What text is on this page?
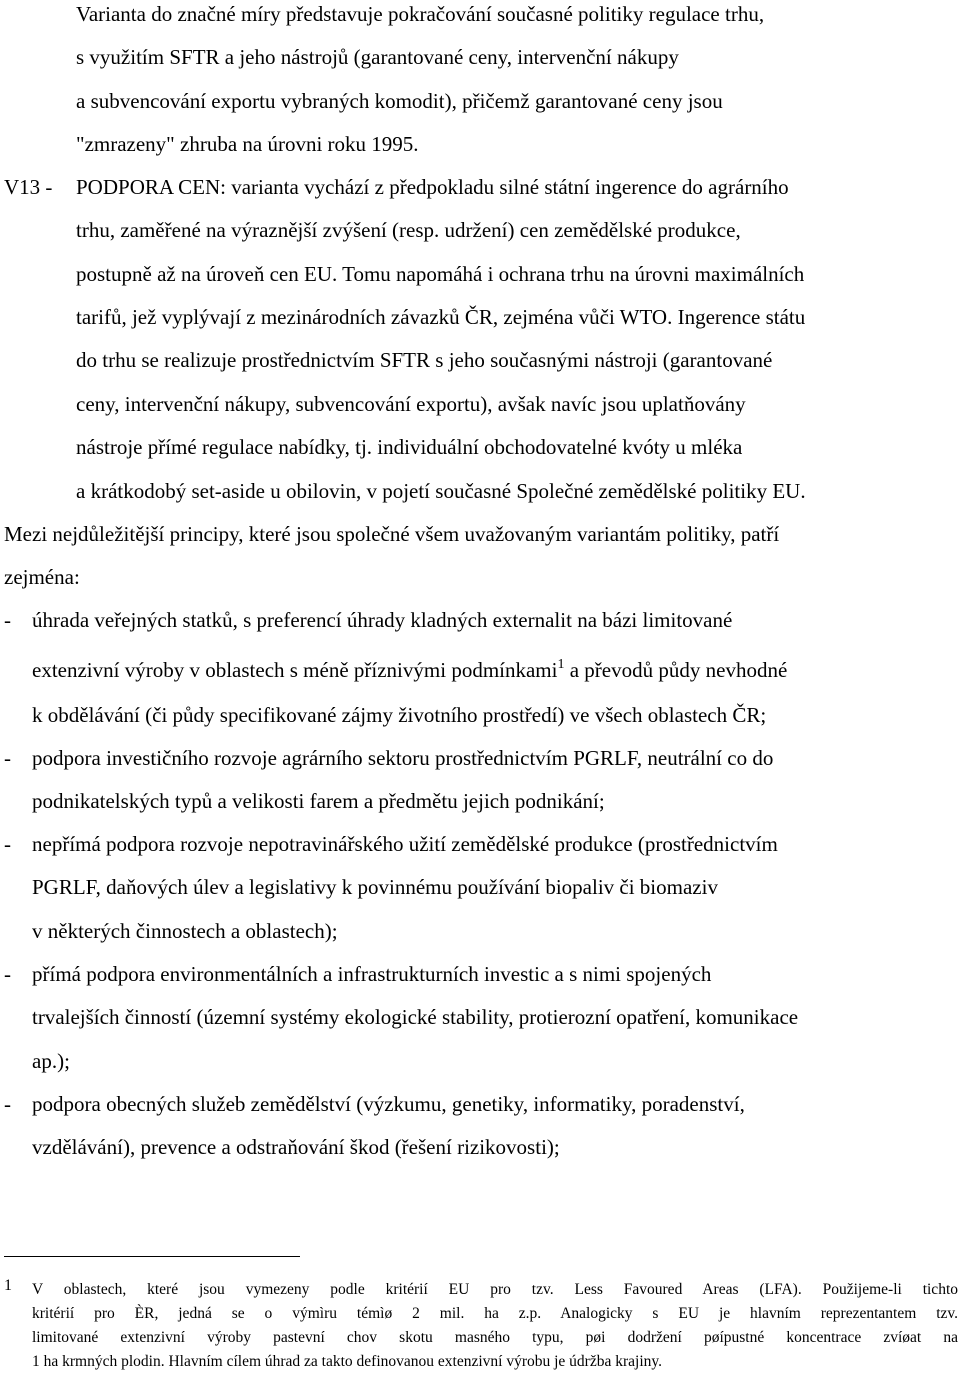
Varianta do značné míry představuje pokračování současné politiky regulace trhu,
s využitím SFTR a jeho nástrojů (garantované ceny, intervenční nákupy
a subvencování exportu vybraných komodit), přičemž garantované ceny jsou
"zmrazeny" zhruba na úrovni roku 1995.
V13 - PODPORA CEN: varianta vychází z předpokladu silné státní ingerence do agrárního
trhu, zaměřené na výraznější zvýšení (resp. udržení) cen zemědělské produkce,
postupně až na úroveň cen EU. Tomu napomáhá i ochrana trhu na úrovni maximálních
tarifů, jež vyplývají z mezinárodních závazků ČR, zejména vůči WTO. Ingerence státu
do trhu se realizuje prostřednictvím SFTR s jeho současnými nástroji (garantované
ceny, intervenční nákupy, subvencování exportu), avšak navíc jsou uplatňovány
nástroje přímé regulace nabídky, tj. individuální obchodovatelné kvóty u mléka
a krátkodobý set-aside u obilovin, v pojetí současné Společné zemědělské politiky EU.
Mezi nejdůležitější principy, které jsou společné všem uvažovaným variantám politiky, patří
zejména:
- úhrada veřejných statků, s preferencí úhrady kladných externalit na bázi limitované
extenzivní výroby v oblastech s méně příznivými podmínkami$^1$ a převodů půdy nevhodné
k obdělávání (či půdy specifikované zájmy životního prostředí) ve všech oblastech ČR;
- podpora investičního rozvoje agrárního sektoru prostřednictvím PGRLF, neutrální co do
podnikatelských typů a velikosti farem a předmětu jejich podnikání;
- nepřímá podpora rozvoje nepotravinářského užití zemědělské produkce (prostřednictvím
PGRLF, daňových úlev a legislativy k povinnému používání biopaliv či biomaziv
v některých činnostech a oblastech);
- přímá podpora environmentálních a infrastrukturních investic a s nimi spojených
trvalejších činností (územní systémy ekologické stability, protierozní opatření, komunikace
ap.);
- podpora obecných služeb zemědělství (výzkumu, genetiky, informatiky, poradenství,
vzdělávání), prevence a odstraňování škod (řešení rizikovosti);
1 V oblastech, které jsou vymezeny podle kritérií EU pro tzv. Less Favoured Areas (LFA). Použijeme-li tichto
kritérií pro ÈR, jedná se o výmìru témìø 2 mil. ha z.p. Analogicky s EU je hlavním reprezentantem tzv.
limitované extenzivní výroby pastevní chov skotu masného typu, pøi dodržení pøípustné koncentrace zvíøat na
1 ha krmných plodin. Hlavním cílem úhrad za takto definovanou extenzivní výrobu je údržba krajiny.
